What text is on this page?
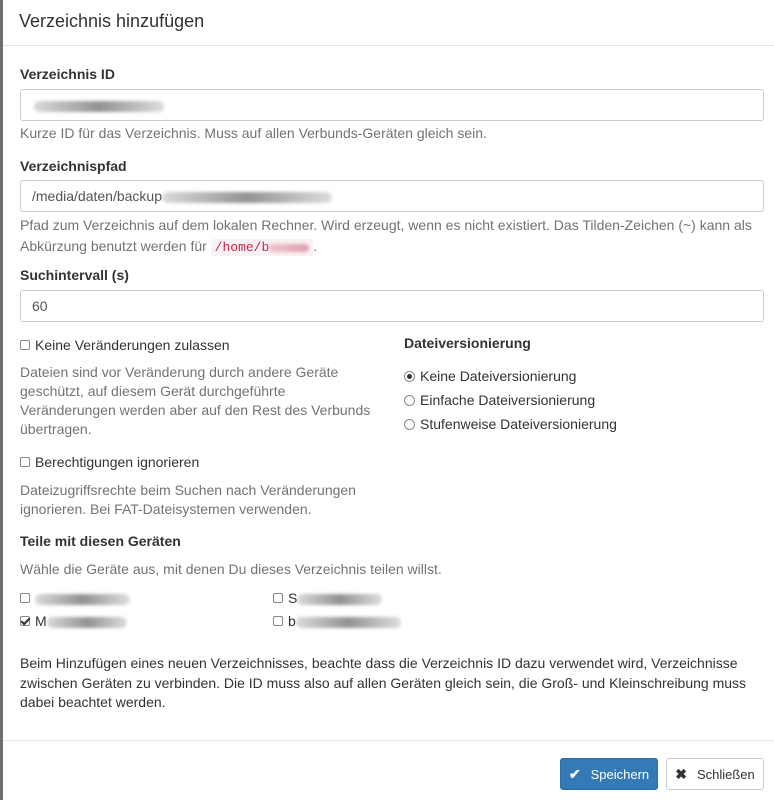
Verzeichnis hinzufügen
Verzeichnis ID
Kurze ID für das Verzeichnis. Muss auf allen Verbunds-Geräten gleich sein.
Verzeichnispfad
/media/daten/backup
Pfad zum Verzeichnis auf dem lokalen Rechner. Wird erzeugt, wenn es nicht existiert. Das Tilden-Zeichen (~) kann als
Abkürzung benutzt werden für /home/b	.
Suchintervall (s)
60
Keine Veränderungen zulassen
Dateien sind vor Veränderung durch andere Geräte
geschützt, auf diesem Gerät durchgeführte
Veränderungen werden aber auf den Rest des Verbunds
übertragen.
Berechtigungen ignorieren
Dateizugriffsrechte beim Suchen nach Veränderungen
ignorieren. Bei FAT-Dateisystemen verwenden.
Dateiversionierung
Keine Dateiversionierung
Einfache Dateiversionierung
Stufenweise Dateiversionierung
Teile mit diesen Geräten
Wähle die Geräte aus, mit denen Du dieses Verzeichnis teilen willst.
S
M	b
Beim Hinzufügen eines neuen Verzeichnisses, beachte dass die Verzeichnis ID dazu verwendet wird, Verzeichnisse
zwischen Geräten zu verbinden. Die ID muss also auf allen Geräten gleich sein, die Groß- und Kleinschreibung muss
dabei beachtet werden.
✔ Speichern ✖ Schließen
